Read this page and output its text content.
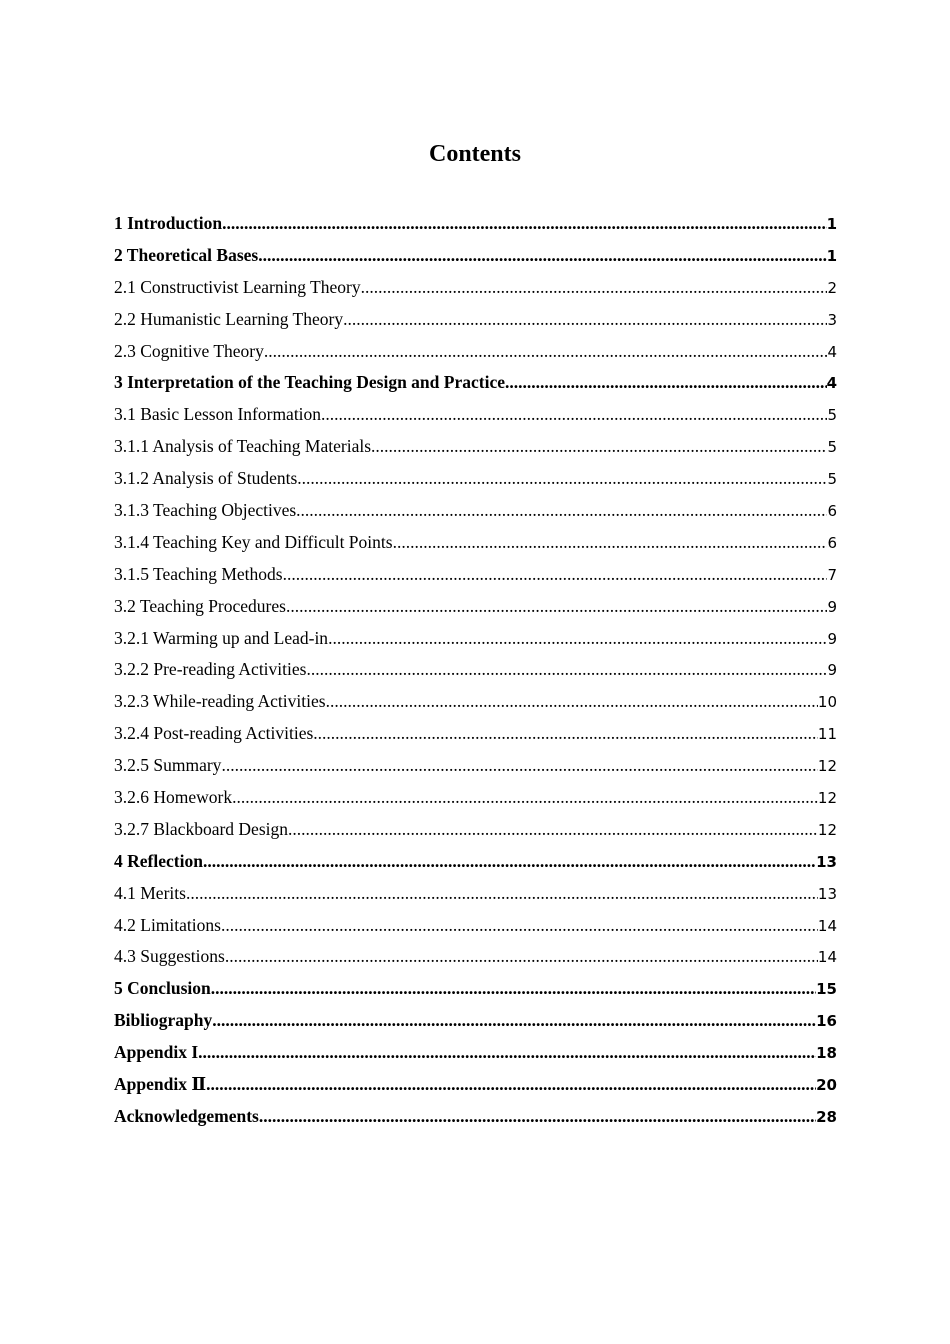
Contents
1 Introduction .....	1
2 Theoretical Bases .....	1
2.1 Constructivist Learning Theory .....	2
2.2 Humanistic Learning Theory .....	3
2.3 Cognitive Theory .....	4
3 Interpretation of the Teaching Design and Practice .....	4
3.1 Basic Lesson Information .....	5
3.1.1 Analysis of Teaching Materials .....	5
3.1.2 Analysis of Students .....	5
3.1.3 Teaching Objectives .....	6
3.1.4 Teaching Key and Difficult Points .....	6
3.1.5 Teaching Methods .....	7
3.2 Teaching Procedures .....	9
3.2.1 Warming up and Lead-in .....	9
3.2.2 Pre-reading Activities .....	9
3.2.3 While-reading Activities .....	10
3.2.4 Post-reading Activities .....	11
3.2.5 Summary .....	12
3.2.6 Homework .....	12
3.2.7 Blackboard Design .....	12
4 Reflection .....	13
4.1 Merits .....	13
4.2 Limitations .....	14
4.3 Suggestions .....	14
5 Conclusion .....	15
Bibliography .....	16
Appendix I .....	18
Appendix Ⅱ .....	20
Acknowledgements .....	28
